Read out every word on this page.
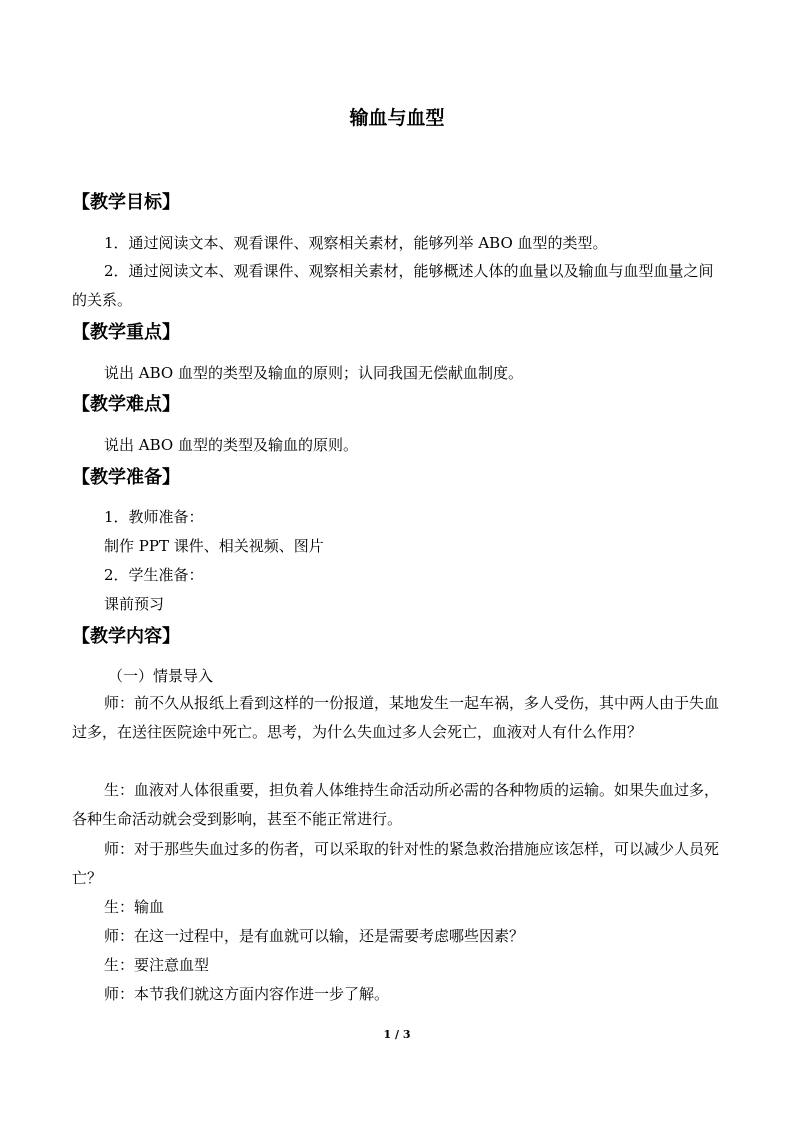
输血与血型
【教学目标】

1．通过阅读文本、观看课件、观察相关素材，能够列举 ABO 血型的类型。

2．通过阅读文本、观看课件、观察相关素材，能够概述人体的血量以及输血与血型血量之间的关系。

【教学重点】

说出 ABO 血型的类型及输血的原则；认同我国无偿献血制度。

【教学难点】

说出 ABO 血型的类型及输血的原则。

【教学准备】

1．教师准备：

制作 PPT 课件、相关视频、图片

2．学生准备：

课前预习

【教学内容】

（一）情景导入

师：前不久从报纸上看到这样的一份报道，某地发生一起车祸，多人受伤，其中两人由于失血过多，在送往医院途中死亡。思考，为什么失血过多人会死亡，血液对人有什么作用？

生：血液对人体很重要，担负着人体维持生命活动所必需的各种物质的运输。如果失血过多，各种生命活动就会受到影响，甚至不能正常进行。

师：对于那些失血过多的伤者，可以采取的针对性的紧急救治措施应该怎样，可以减少人员死亡？

生：输血

师：在这一过程中，是有血就可以输，还是需要考虑哪些因素？

生：要注意血型

师：本节我们就这方面内容作进一步了解。

1 / 3
